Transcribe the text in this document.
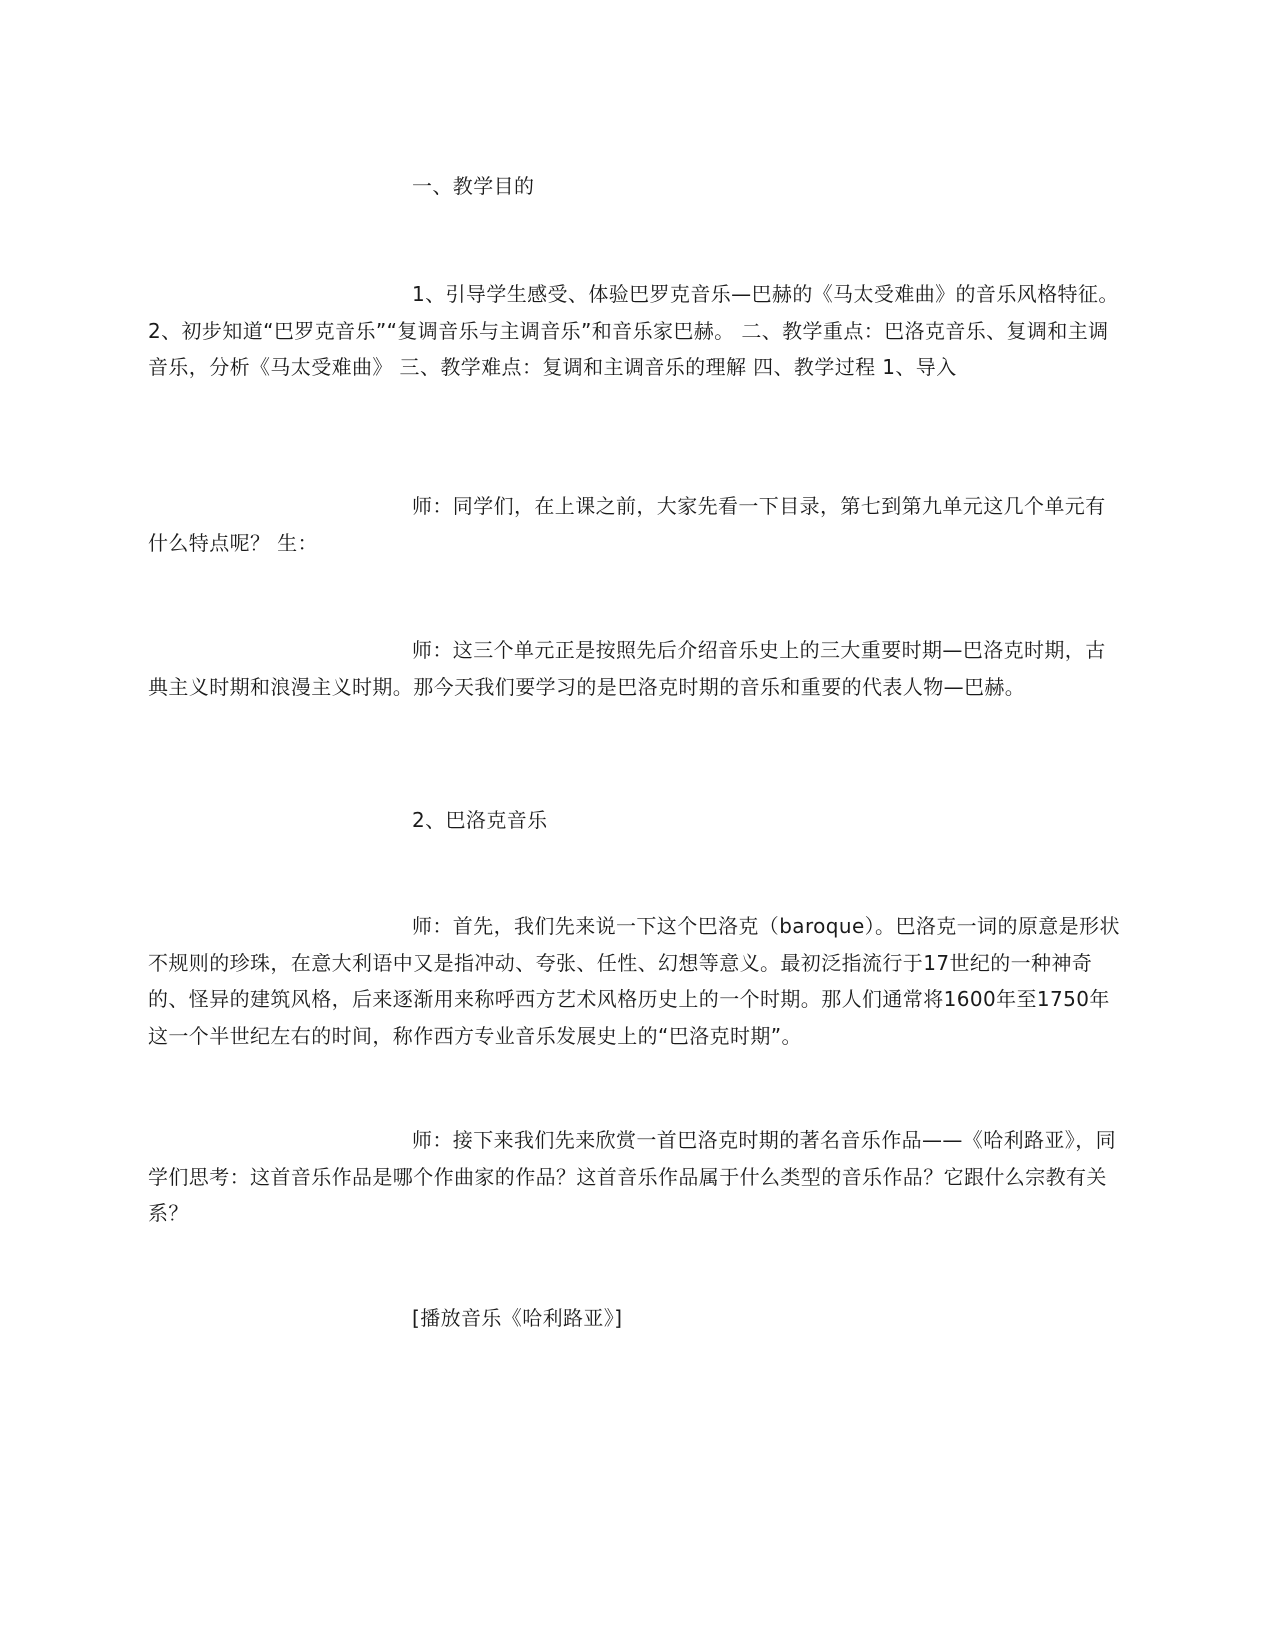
一、教学目的

1、引导学生感受、体验巴罗克音乐—巴赫的《马太受难曲》的音乐风格特征。 2、初步知道“巴罗克音乐”“复调音乐与主调音乐”和音乐家巴赫。 二、教学重点：巴洛克音乐、复调和主调音乐，分析《马太受难曲》 三、教学难点：复调和主调音乐的理解 四、教学过程 1、导入

师：同学们，在上课之前，大家先看一下目录，第七到第九单元这几个单元有什么特点呢？ 生：

师：这三个单元正是按照先后介绍音乐史上的三大重要时期—巴洛克时期，古典主义时期和浪漫主义时期。那今天我们要学习的是巴洛克时期的音乐和重要的代表人物—巴赫。

2、巴洛克音乐

师：首先，我们先来说一下这个巴洛克（baroque）。巴洛克一词的原意是形状不规则的珍珠，在意大利语中又是指冲动、夸张、任性、幻想等意义。最初泛指流行于17世纪的一种神奇的、怪异的建筑风格，后来逐渐用来称呼西方艺术风格历史上的一个时期。那人们通常将1600年至1750年这一个半世纪左右的时间，称作西方专业音乐发展史上的“巴洛克时期”。

师：接下来我们先来欣赏一首巴洛克时期的著名音乐作品——《哈利路亚》，同学们思考：这首音乐作品是哪个作曲家的作品？这首音乐作品属于什么类型的音乐作品？它跟什么宗教有关系？

[播放音乐《哈利路亚》]
